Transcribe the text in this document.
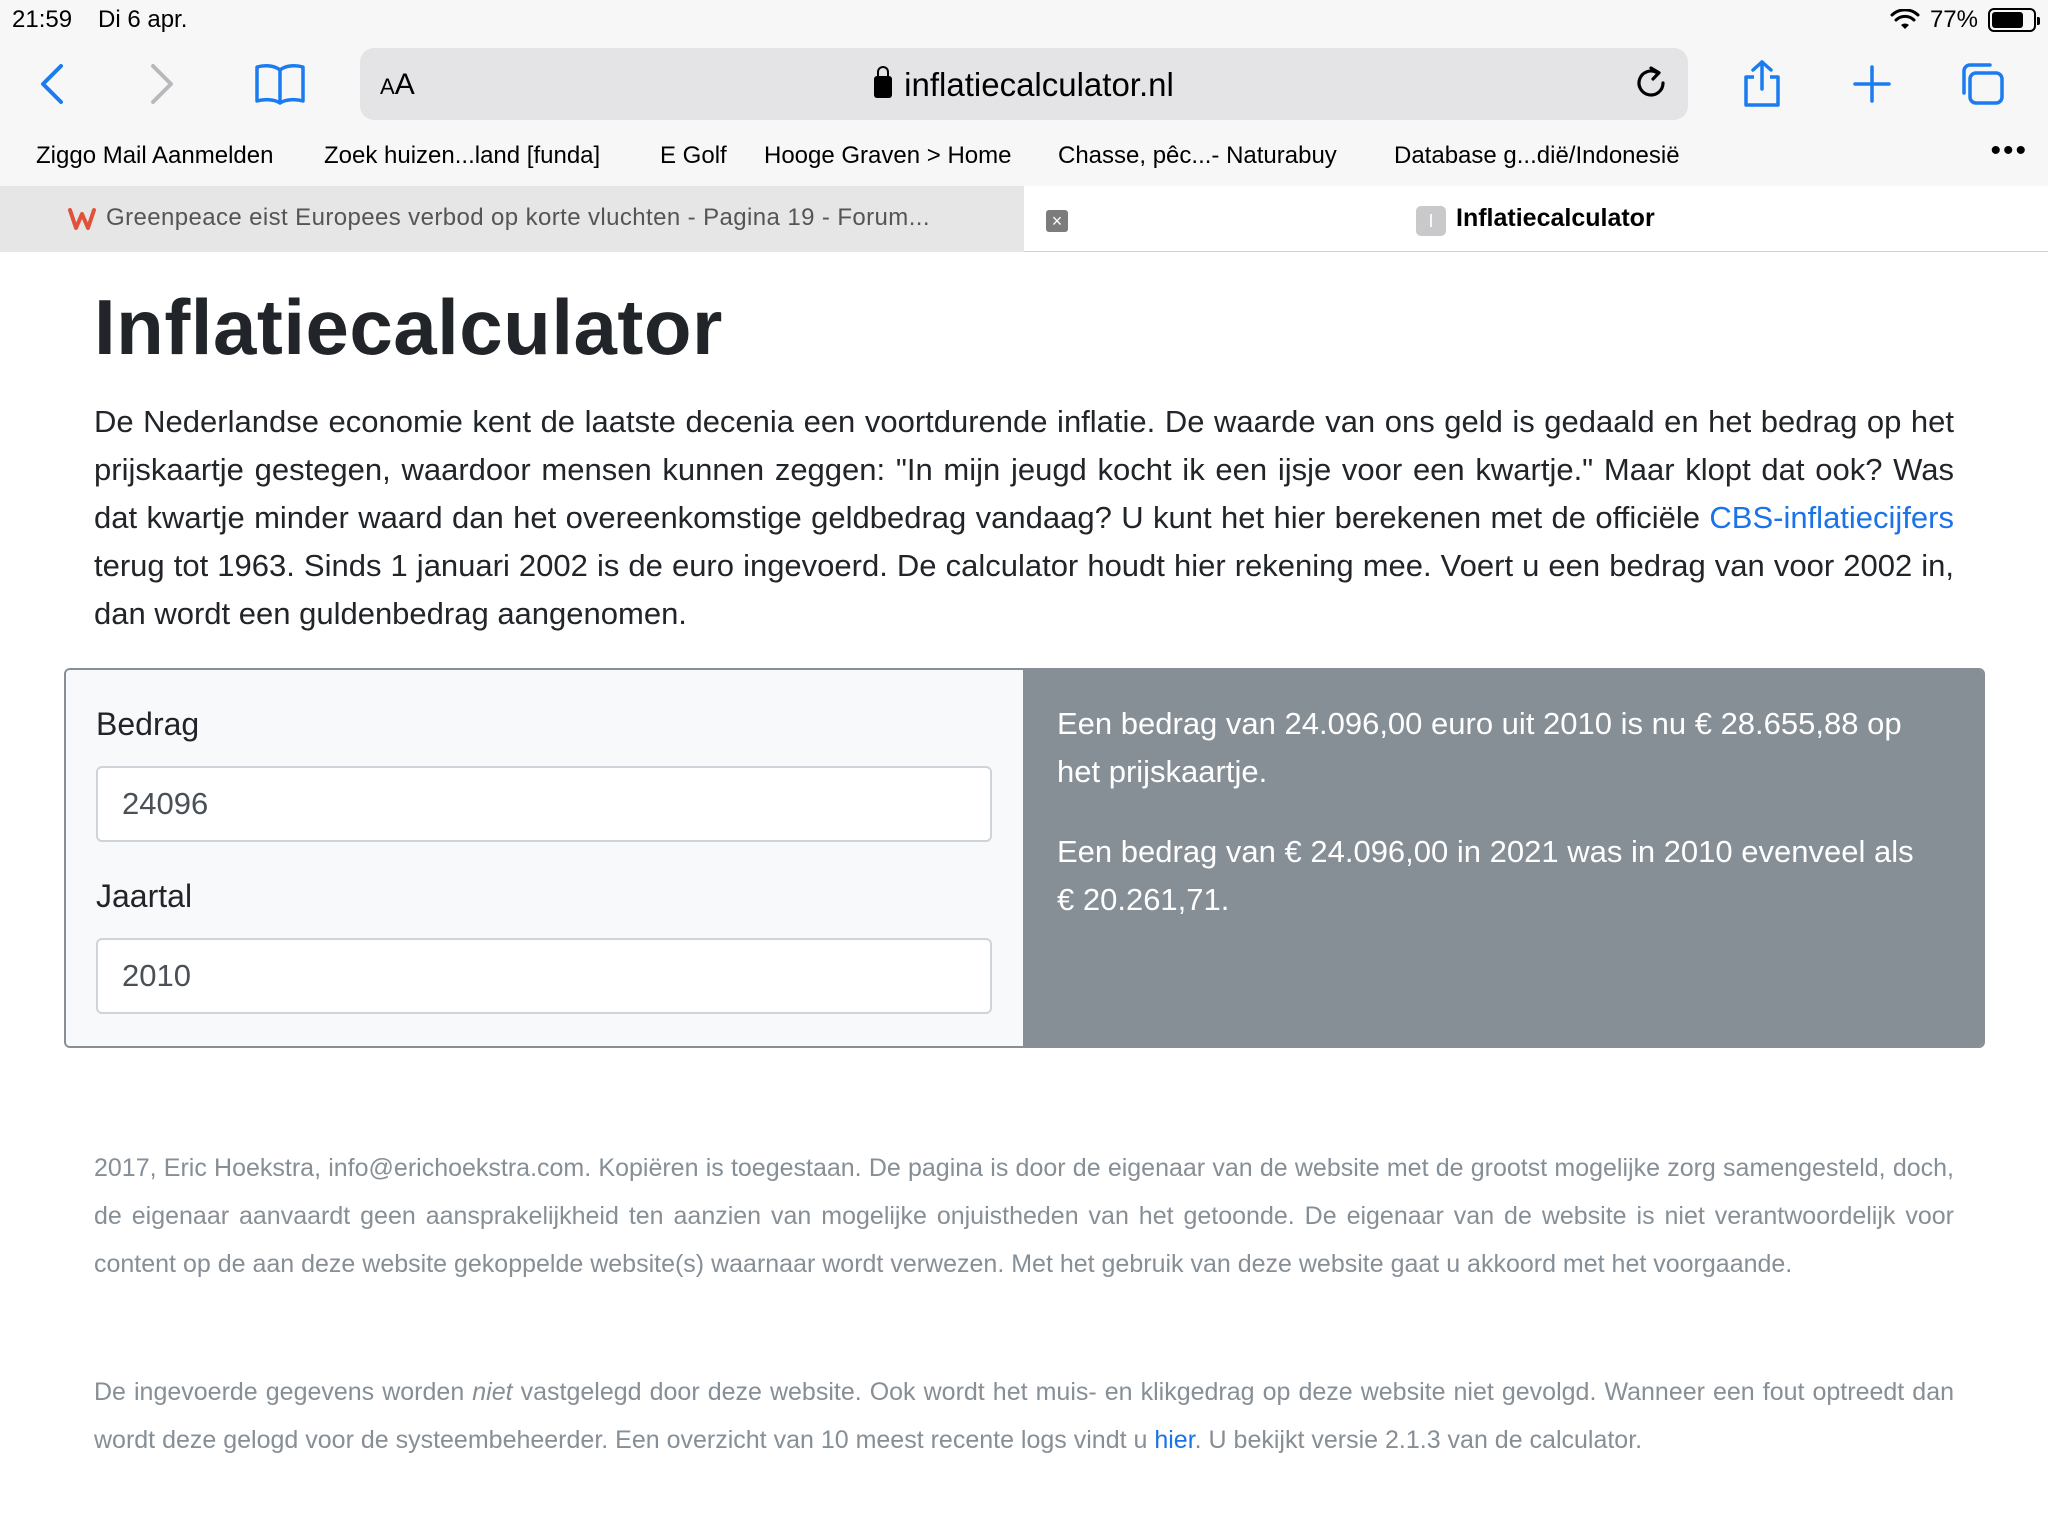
21:59 Di 6 apr.	77%
AA	inflatiecalculator.nl
Ziggo Mail Aanmelden Zoek huizen...land [funda] E Golf Hooge Graven > Home Chasse, pêc...- Naturabuy Database g...dië/Indonesië	•••
Greenpeace eist Europees verbod op korte vluchten - Pagina 19 - Forum...	×	I Inflatiecalculator
Inflatiecalculator

De Nederlandse economie kent de laatste decenia een voortdurende inflatie. De waarde van ons geld is gedaald en het bedrag op het prijskaartje gestegen, waardoor mensen kunnen zeggen: "In mijn jeugd kocht ik een ijsje voor een kwartje." Maar klopt dat ook? Was dat kwartje minder waard dan het overeenkomstige geldbedrag vandaag? U kunt het hier berekenen met de officiële CBS-inflatiecijfers terug tot 1963. Sinds 1 januari 2002 is de euro ingevoerd. De calculator houdt hier rekening mee. Voert u een bedrag van voor 2002 in, dan wordt een guldenbedrag aangenomen.

Bedrag
24096
Jaartal
2010

Een bedrag van 24.096,00 euro uit 2010 is nu € 28.655,88 op het prijskaartje.

Een bedrag van € 24.096,00 in 2021 was in 2010 evenveel als € 20.261,71.

2017, Eric Hoekstra, info@erichoekstra.com. Kopiëren is toegestaan. De pagina is door de eigenaar van de website met de grootst mogelijke zorg samengesteld, doch, de eigenaar aanvaardt geen aansprakelijkheid ten aanzien van mogelijke onjuistheden van het getoonde. De eigenaar van de website is niet verantwoordelijk voor content op de aan deze website gekoppelde website(s) waarnaar wordt verwezen. Met het gebruik van deze website gaat u akkoord met het voorgaande.

De ingevoerde gegevens worden niet vastgelegd door deze website. Ook wordt het muis- en klikgedrag op deze website niet gevolgd. Wanneer een fout optreedt dan wordt deze gelogd voor de systeembeheerder. Een overzicht van 10 meest recente logs vindt u hier. U bekijkt versie 2.1.3 van de calculator.
